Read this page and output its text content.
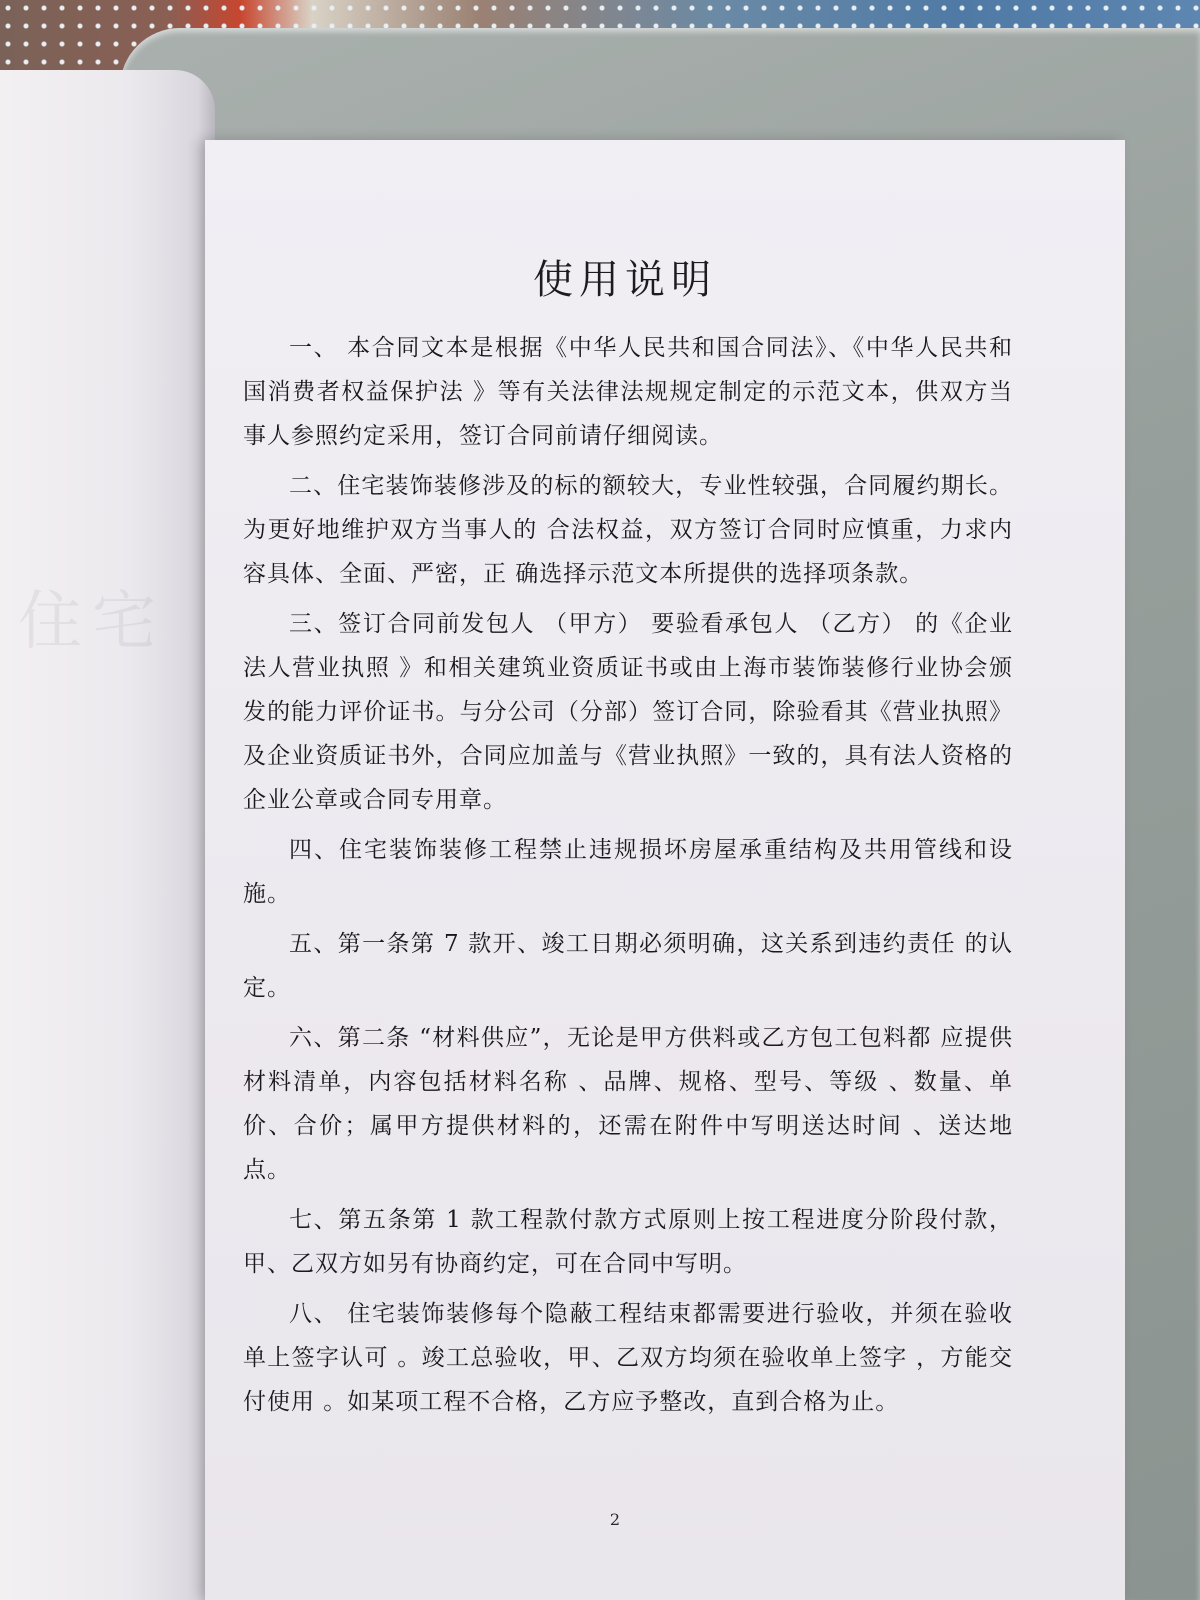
住宅
使用说明

一、 本合同文本是根据《中华人民共和国合同法》、《中华人民共和国消费者权益保护法 》等有关法律法规规定制定的示范文本，供双方当事人参照约定采用，签订合同前请仔细阅读。

二、住宅装饰装修涉及的标的额较大，专业性较强，合同履约期长。为更好地维护双方当事人的 合法权益，双方签订合同时应慎重，力求内容具体、全面、严密，正 确选择示范文本所提供的选择项条款。

三、签订合同前发包人 （甲方） 要验看承包人 （乙方） 的《企业法人营业执照 》和相关建筑业资质证书或由上海市装饰装修行业协会颁发的能力评价证书。与分公司（分部）签订合同，除验看其《营业执照》及企业资质证书外，合同应加盖与《营业执照》一致的，具有法人资格的企业公章或合同专用章。

四、住宅装饰装修工程禁止违规损坏房屋承重结构及共用管线和设施。

五、第一条第 7 款开、竣工日期必须明确，这关系到违约责任 的认定。

六、第二条 “材料供应”，无论是甲方供料或乙方包工包料都 应提供材料清单，内容包括材料名称 、品牌、规格、型号、等级 、数量、单价、合价；属甲方提供材料的，还需在附件中写明送达时间 、送达地点。

七、第五条第 1 款工程款付款方式原则上按工程进度分阶段付款，甲、乙双方如另有协商约定，可在合同中写明。

八、 住宅装饰装修每个隐蔽工程结束都需要进行验收，并须在验收单上签字认可 。竣工总验收，甲、乙双方均须在验收单上签字 ，方能交付使用 。如某项工程不合格，乙方应予整改，直到合格为止。

2
